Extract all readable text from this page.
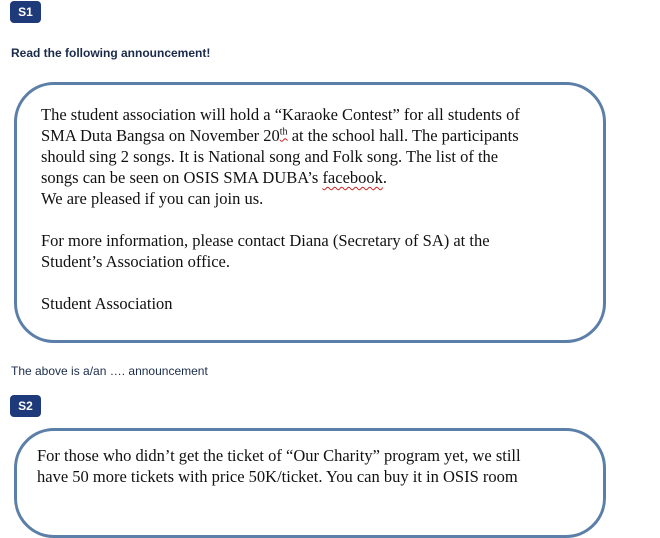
S1
Read the following announcement!
The student association will hold a “Karaoke Contest” for all students of
SMA Duta Bangsa on November 20th at the school hall. The participants
should sing 2 songs. It is National song and Folk song. The list of the
songs can be seen on OSIS SMA DUBA’s facebook.
We are pleased if you can join us.
For more information, please contact Diana (Secretary of SA) at the
Student’s Association office.
Student Association
The above is a/an …. announcement
S2
For those who didn’t get the ticket of “Our Charity” program yet, we still
have 50 more tickets with price 50K/ticket. You can buy it in OSIS room
